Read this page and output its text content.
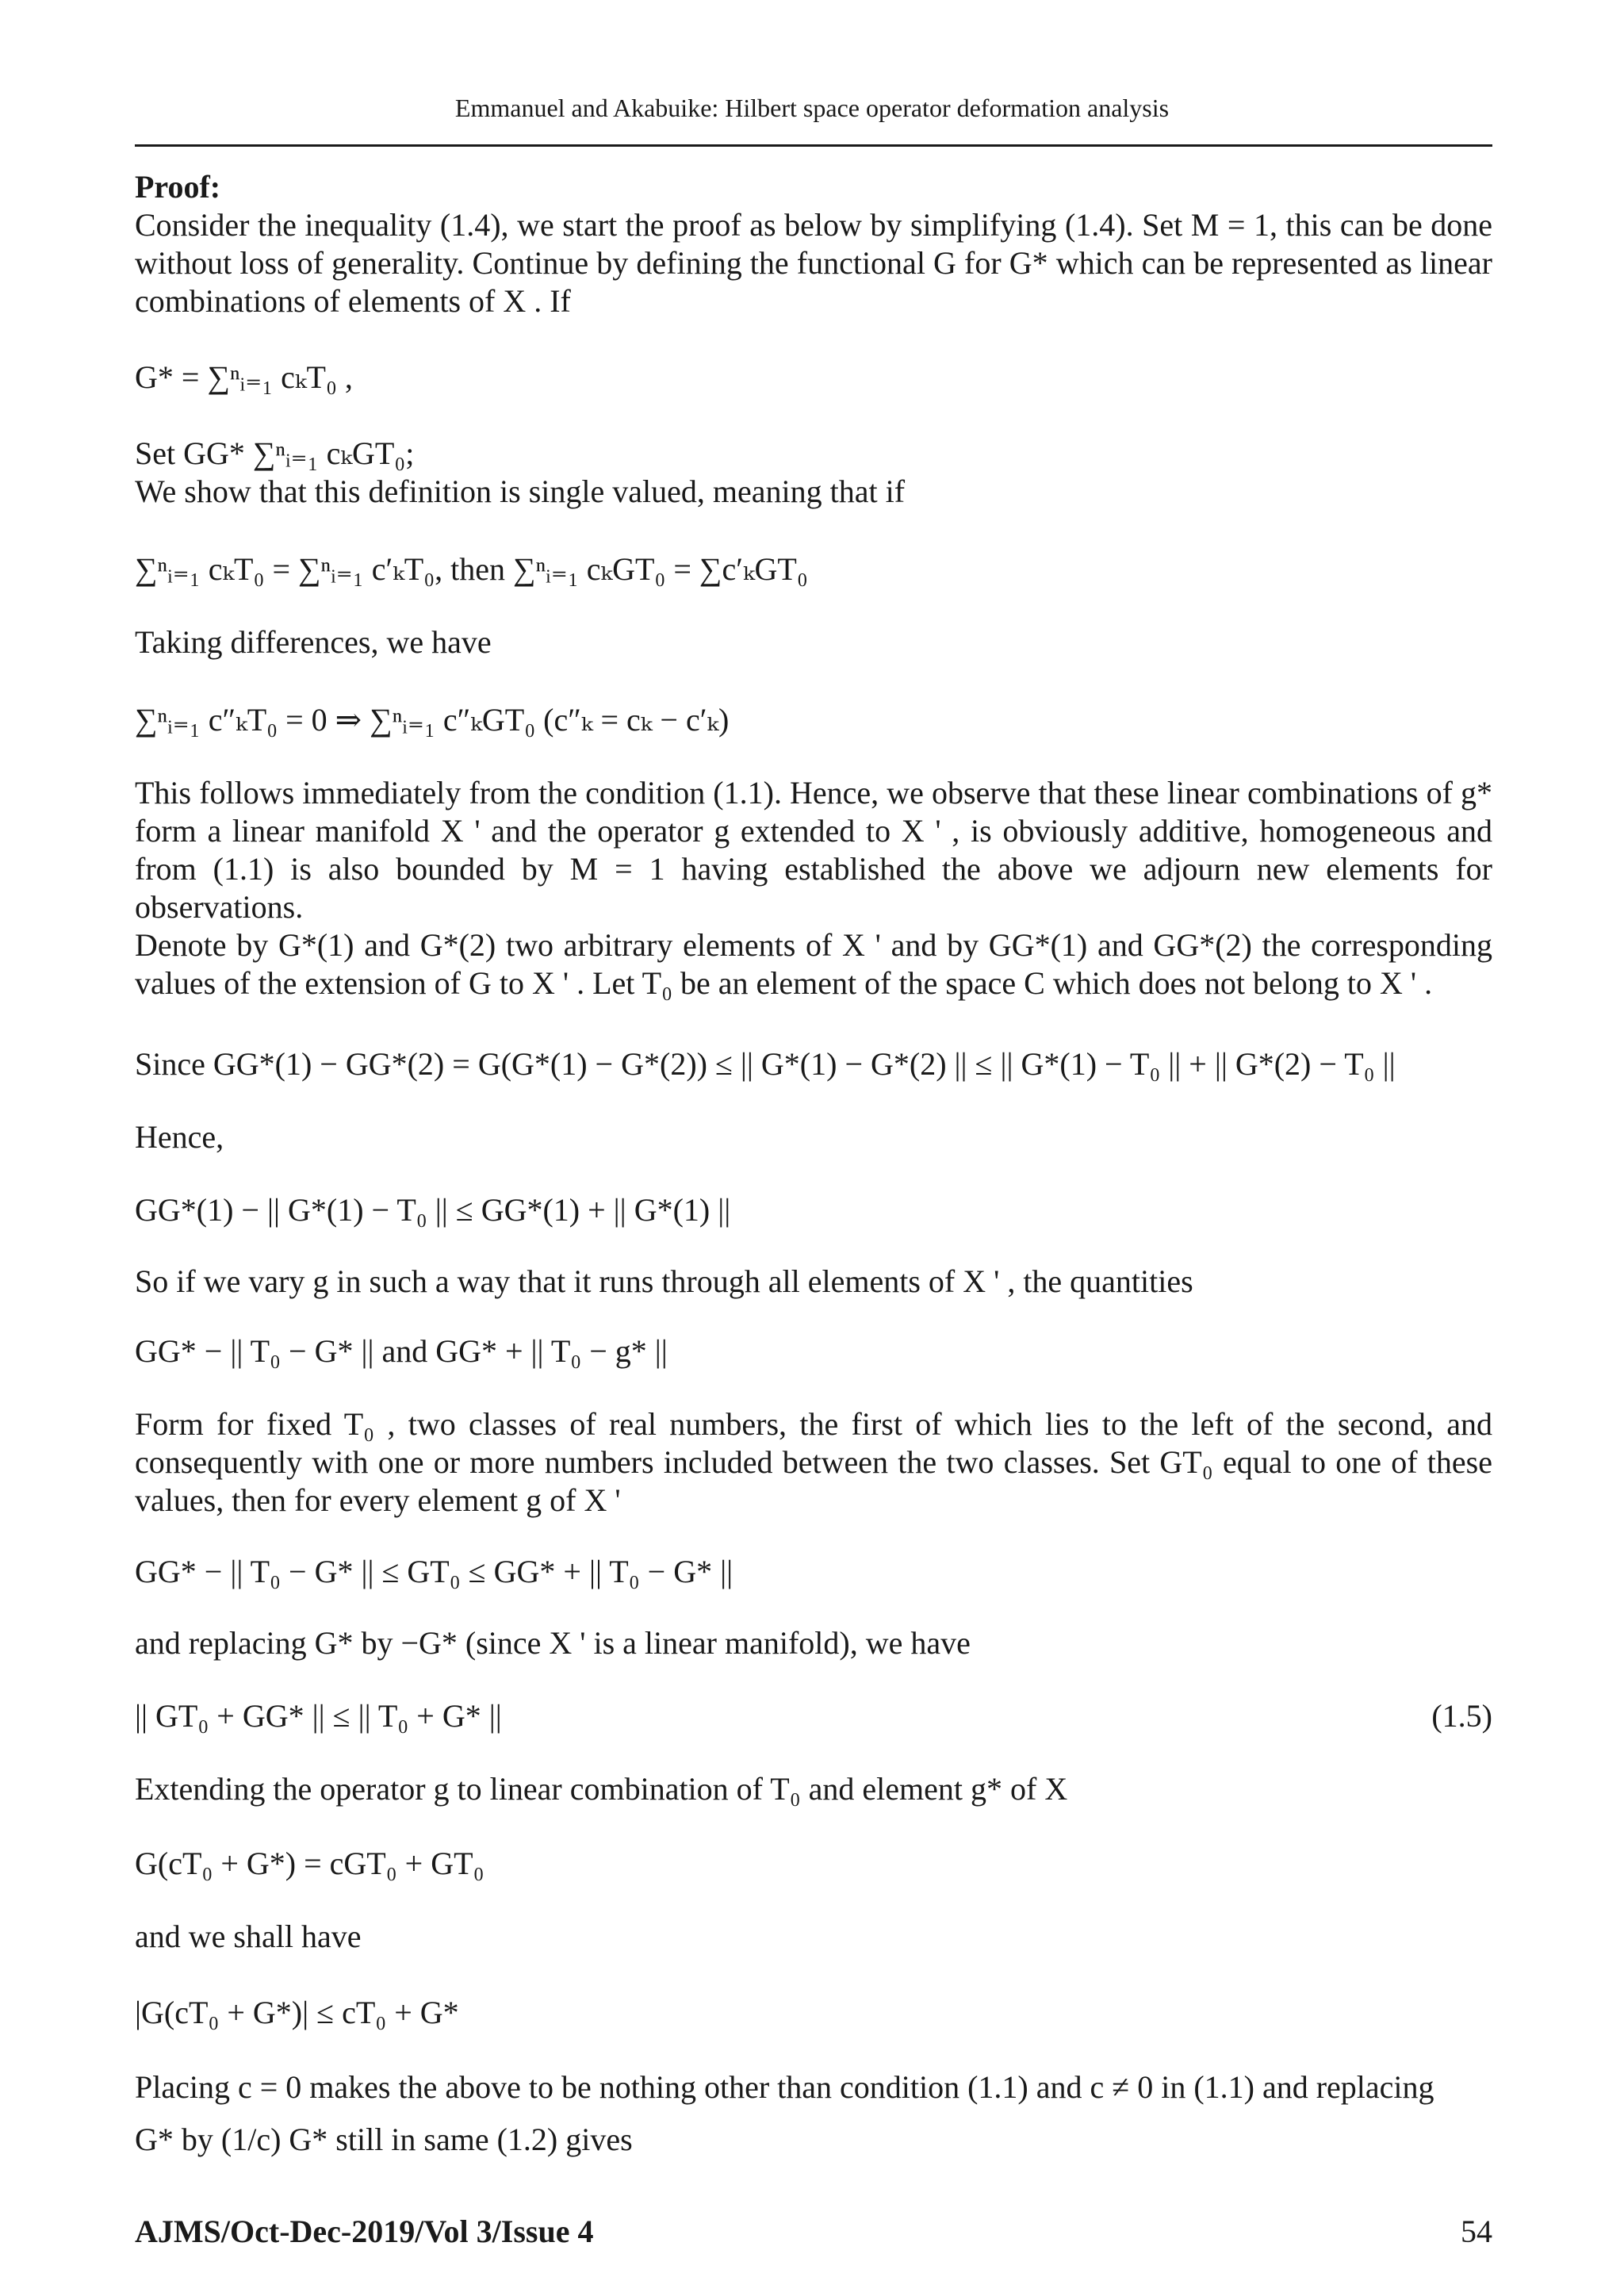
Emmanuel and Akabuike: Hilbert space operator deformation analysis

Proof:

Consider the inequality (1.4), we start the proof as below by simplifying (1.4). Set M = 1, this can be done without loss of generality. Continue by defining the functional G for G* which can be represented as linear combinations of elements of X . If

G* = ∑ⁿᵢ₌₁ cₖT₀ ,
Set GG* ∑ⁿᵢ₌₁ cₖGT₀;
We show that this definition is single valued, meaning that if
∑ⁿᵢ₌₁ cₖT₀ = ∑ⁿᵢ₌₁ c′ₖT₀, then ∑ⁿᵢ₌₁ cₖGT₀ = ∑c′ₖGT₀
Taking differences, we have
∑ⁿᵢ₌₁ c″ₖT₀ = 0 ⇒ ∑ⁿᵢ₌₁ c″ₖGT₀ (c″ₖ = cₖ − c′ₖ)

This follows immediately from the condition (1.1). Hence, we observe that these linear combinations of g* form a linear manifold X ' and the operator g extended to X ' , is obviously additive, homogeneous and from (1.1) is also bounded by M = 1 having established the above we adjourn new elements for observations.

Denote by G*(1) and G*(2) two arbitrary elements of X ' and by GG*(1) and GG*(2) the corresponding values of the extension of G to X ' . Let T₀ be an element of the space C which does not belong to X ' .

Since GG*(1) − GG*(2) = G(G*(1) − G*(2)) ≤ || G*(1) − G*(2) || ≤ || G*(1) − T₀ || + || G*(2) − T₀ ||
Hence,
GG*(1) − || G*(1) − T₀ || ≤ GG*(1) + || G*(1) ||
So if we vary g in such a way that it runs through all elements of X ' , the quantities
GG* − || T₀ − G* || and GG* + || T₀ − g* ||

Form for fixed T₀ , two classes of real numbers, the first of which lies to the left of the second, and consequently with one or more numbers included between the two classes. Set GT₀ equal to one of these values, then for every element g of X '

GG* − || T₀ − G* || ≤ GT₀ ≤ GG* + || T₀ − G* ||
and replacing G* by −G* (since X ' is a linear manifold), we have
|| GT₀ + GG* || ≤ || T₀ + G* ||	(1.5)
Extending the operator g to linear combination of T₀ and element g* of X
G(cT₀ + G*) = cGT₀ + GT₀
and we shall have
|G(cT₀ + G*)| ≤ cT₀ + G*
Placing c = 0 makes the above to be nothing other than condition (1.1) and c ≠ 0 in (1.1) and replacing
G* by (1/c) G* still in same (1.2) gives
AJMS/Oct-Dec-2019/Vol 3/Issue 4	54
